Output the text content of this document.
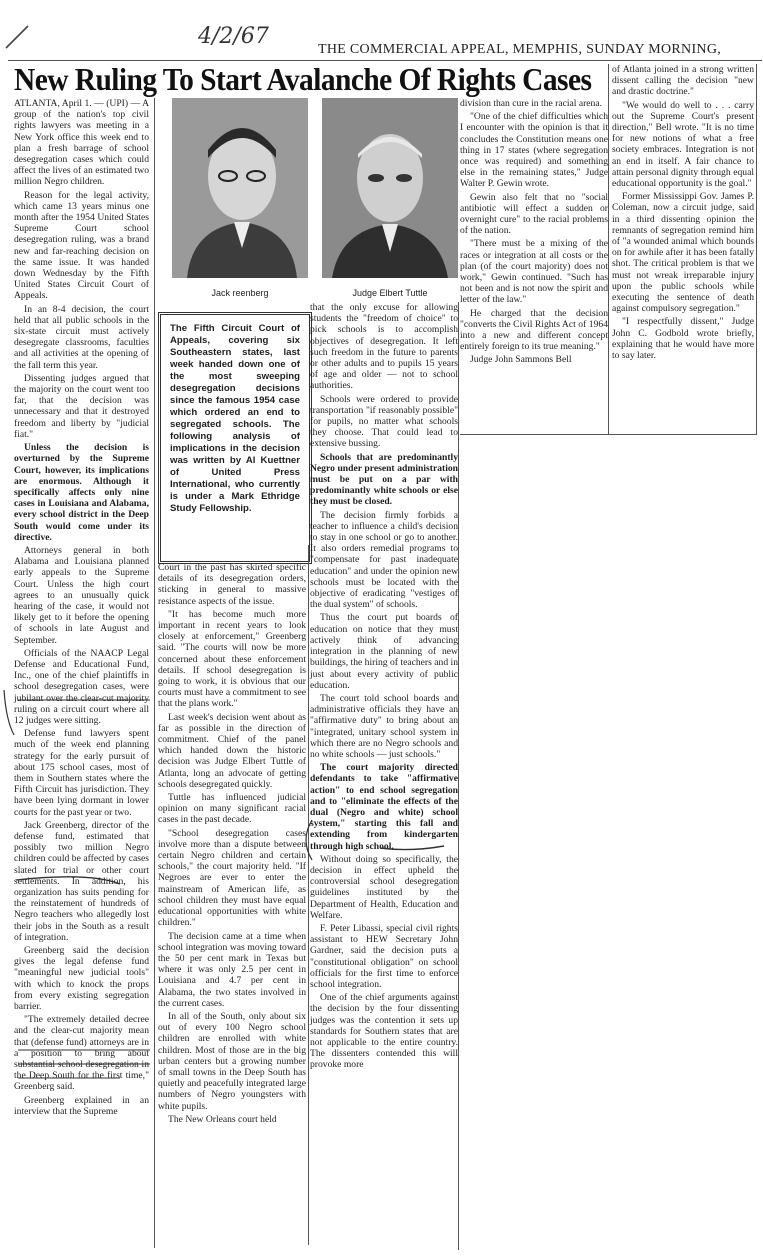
4/2/67
THE COMMERCIAL APPEAL, MEMPHIS, SUNDAY MORNING,
New Ruling To Start Avalanche Of Rights Cases

ATLANTA, April 1. — (UPI) — A group of the nation's top civil rights lawyers was meeting in a New York office this week end to plan a fresh barrage of school desegregation cases which could affect the lives of an estimated two million Negro children.

Reason for the legal activity, which came 13 years minus one month after the 1954 United States Supreme Court school desegregation ruling, was a brand new and far-reaching decision on the same issue. It was handed down Wednesday by the Fifth United States Circuit Court of Appeals.

In an 8-4 decision, the court held that all public schools in the six-state circuit must actively desegregate classrooms, faculties and all activities at the opening of the fall term this year.

Dissenting judges argued that the majority on the court went too far, that the decision was unnecessary and that it destroyed freedom and liberty by "judicial fiat."

Unless the decision is overturned by the Supreme Court, however, its implications are enormous. Although it specifically affects only nine cases in Louisiana and Alabama, every school district in the Deep South would come under its directive.

Attorneys general in both Alabama and Louisiana planned early appeals to the Supreme Court. Unless the high court agrees to an unusually quick hearing of the case, it would not likely get to it before the opening of schools in late August and September.

Officials of the NAACP Legal Defense and Educational Fund, Inc., one of the chief plaintiffs in school desegregation cases, were jubilant over the clear-cut majority ruling on a circuit court where all 12 judges were sitting.

Defense fund lawyers spent much of the week end planning strategy for the early pursuit of about 175 school cases, most of them in Southern states where the Fifth Circuit has jurisdiction. They have been lying dormant in lower courts for the past year or two.

Jack Greenberg, director of the defense fund, estimated that possibly two million Negro children could be affected by cases slated for trial or other court settlements. In addition, his organization has suits pending for the reinstatement of hundreds of Negro teachers who allegedly lost their jobs in the South as a result of integration.

Greenberg said the decision gives the legal defense fund "meaningful new judicial tools" with which to knock the props from every existing segregation barrier.

"The extremely detailed decree and the clear-cut majority mean that (defense fund) attorneys are in a position to bring about substantial school desegregation in the Deep South for the first time," Greenberg said.

Greenberg explained in an interview that the Supreme

Jack reenberg	Judge Elbert Tuttle
The Fifth Circuit Court of Appeals, covering six Southeastern states, last week handed down one of the most sweeping desegregation decisions since the famous 1954 case which ordered an end to segregated schools. The following analysis of implications in the decision was written by Al Kuettner of United Press International, who currently is under a Mark Ethridge Study Fellowship.

Court in the past has skirted specific details of its desegregation orders, sticking in general to massive resistance aspects of the issue.

"It has become much more important in recent years to look closely at enforcement," Greenberg said. "The courts will now be more concerned about these enforcement details. If school desegregation is going to work, it is obvious that our courts must have a commitment to see that the plans work."

Last week's decision went about as far as possible in the direction of commitment. Chief of the panel which handed down the historic decision was Judge Elbert Tuttle of Atlanta, long an advocate of getting schools desegregated quickly.

Tuttle has influenced judicial opinion on many significant racial cases in the past decade.

"School desegregation cases involve more than a dispute between certain Negro children and certain schools," the court majority held. "If Negroes are ever to enter the mainstream of American life, as school children they must have equal educational opportunities with white children."

The decision came at a time when school integration was moving toward the 50 per cent mark in Texas but where it was only 2.5 per cent in Louisiana and 4.7 per cent in Alabama, the two states involved in the current cases.

In all of the South, only about six out of every 100 Negro school children are enrolled with white children. Most of those are in the big urban centers but a growing number of small towns in the Deep South has quietly and peacefully integrated large numbers of Negro youngsters with white pupils.

The New Orleans court held

division than cure in the racial arena.

"One of the chief difficulties which I encounter with the opinion is that it concludes the Constitution means one thing in 17 states (where segregation once was required) and something else in the remaining states," Judge Walter P. Gewin wrote.

Gewin also felt that no "social antibiotic will effect a sudden or overnight cure" to the racial problems of the nation.

"There must be a mixing of the races or integration at all costs or the plan (of the court majority) does not work," Gewin continued. "Such has not been and is not now the spirit and letter of the law."

He charged that the decision "converts the Civil Rights Act of 1964 into a new and different concept entirely foreign to its true meaning."

Judge John Sammons Bell

that the only excuse for allowing students the "freedom of choice" to pick schools is to accomplish objectives of desegregation. It left such freedom in the future to parents or other adults and to pupils 15 years of age and older — not to school authorities.

Schools were ordered to provide transportation "if reasonably possible" for pupils, no matter what schools they choose. That could lead to extensive bussing.

Schools that are predominantly Negro under present administration must be put on a par with predominantly white schools or else they must be closed.

The decision firmly forbids a teacher to influence a child's decision to stay in one school or go to another. It also orders remedial programs to "compensate for past inadequate education" and under the opinion new schools must be located with the objective of eradicating "vestiges of the dual system" of schools.

Thus the court put boards of education on notice that they must actively think of advancing integration in the planning of new buildings, the hiring of teachers and in just about every activity of public education.

The court told school boards and administrative officials they have an "affirmative duty" to bring about an "integrated, unitary school system in which there are no Negro schools and no white schools — just schools."

The court majority directed defendants to take "affirmative action" to end school segregation and to "eliminate the effects of the dual (Negro and white) school system," starting this fall and extending from kindergarten through high school.

Without doing so specifically, the decision in effect upheld the controversial school desegregation guidelines instituted by the Department of Health, Education and Welfare.

F. Peter Libassi, special civil rights assistant to HEW Secretary John Gardner, said the decision puts a "constitutional obligation" on school officials for the first time to enforce school integration.

One of the chief arguments against the decision by the four dissenting judges was the contention it sets up standards for Southern states that are not applicable to the entire country. The dissenters contended this will provoke more

of Atlanta joined in a strong written dissent calling the decision "new and drastic doctrine."

"We would do well to . . . carry out the Supreme Court's present direction," Bell wrote. "It is no time for new notions of what a free society embraces. Integration is not an end in itself. A fair chance to attain personal dignity through equal educational opportunity is the goal."

Former Mississippi Gov. James P. Coleman, now a circuit judge, said in a third dissenting opinion the remnants of segregation remind him of "a wounded animal which bounds on for awhile after it has been fatally shot. The critical problem is that we must not wreak irreparable injury upon the public schools while executing the sentence of death against compulsory segregation."

"I respectfully dissent," Judge John C. Godbold wrote briefly, explaining that he would have more to say later.
